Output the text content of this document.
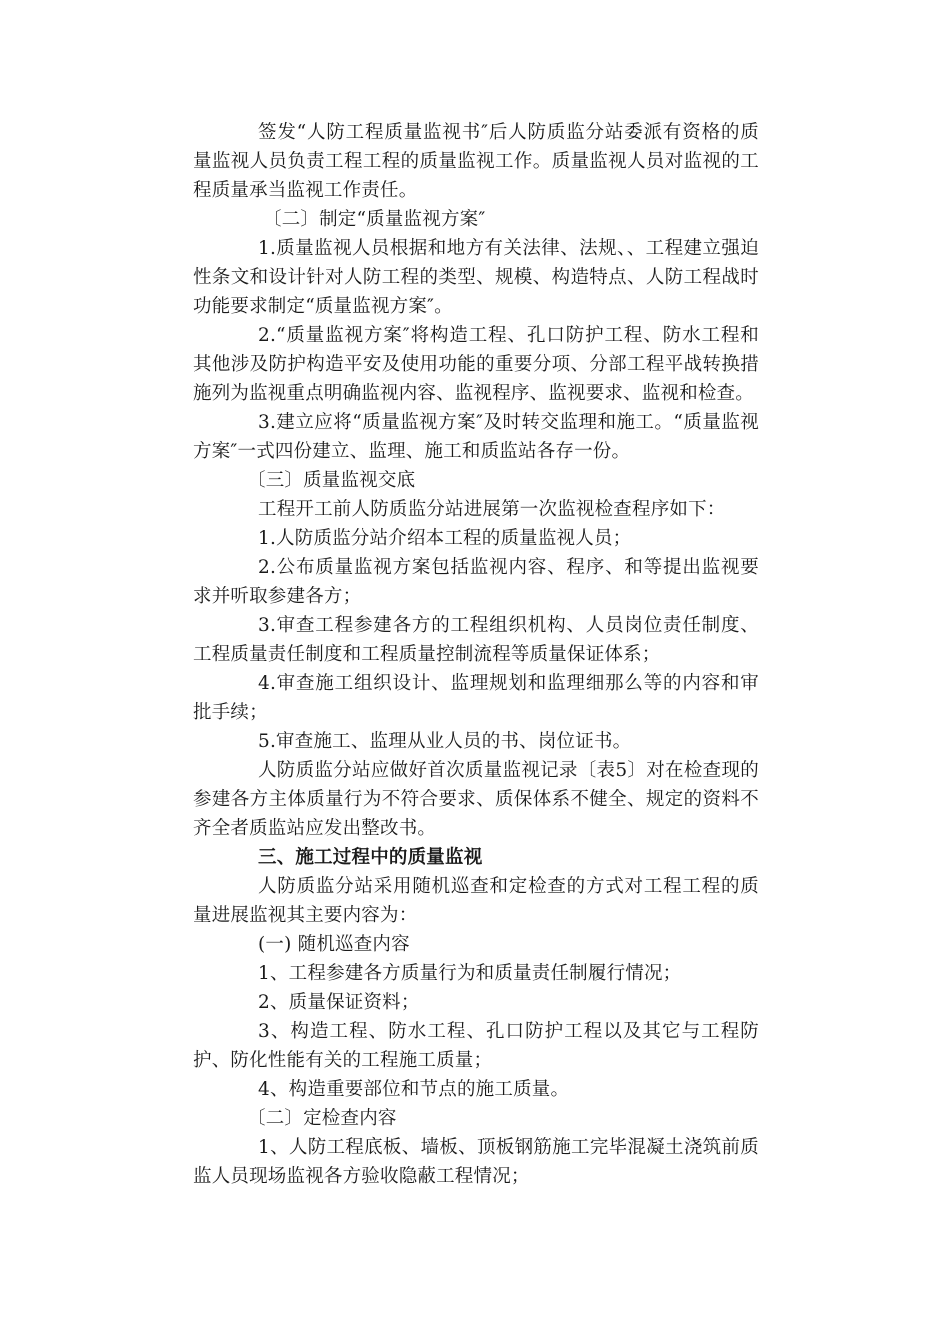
签发“人防工程质量监视书″后人防质监分站委派有资格的质量监视人员负责工程工程的质量监视工作。质量监视人员对监视的工程质量承当监视工作责任。

〔二〕制定“质量监视方案″

1.质量监视人员根据和地方有关法律、法规、、工程建立强迫性条文和设计针对人防工程的类型、规模、构造特点、人防工程战时功能要求制定“质量监视方案″。

2.“质量监视方案″将构造工程、孔口防护工程、防水工程和其他涉及防护构造平安及使用功能的重要分项、分部工程平战转换措施列为监视重点明确监视内容、监视程序、监视要求、监视和检查。

3.建立应将“质量监视方案″及时转交监理和施工。“质量监视方案″一式四份建立、监理、施工和质监站各存一份。

〔三〕质量监视交底

工程开工前人防质监分站进展第一次监视检查程序如下：

1.人防质监分站介绍本工程的质量监视人员；

2.公布质量监视方案包括监视内容、程序、和等提出监视要求并听取参建各方；

3.审查工程参建各方的工程组织机构、人员岗位责任制度、工程质量责任制度和工程质量控制流程等质量保证体系；

4.审查施工组织设计、监理规划和监理细那么等的内容和审批手续；

5.审查施工、监理从业人员的书、岗位证书。

人防质监分站应做好首次质量监视记录〔表5〕对在检查现的参建各方主体质量行为不符合要求、质保体系不健全、规定的资料不齐全者质监站应发出整改书。

三、施工过程中的质量监视

人防质监分站采用随机巡查和定检查的方式对工程工程的质量进展监视其主要内容为：

(一) 随机巡查内容

1、工程参建各方质量行为和质量责任制履行情况；

2、质量保证资料；

3、构造工程、防水工程、孔口防护工程以及其它与工程防护、防化性能有关的工程施工质量；

4、构造重要部位和节点的施工质量。

〔二〕定检查内容

1、人防工程底板、墙板、顶板钢筋施工完毕混凝土浇筑前质监人员现场监视各方验收隐蔽工程情况；
